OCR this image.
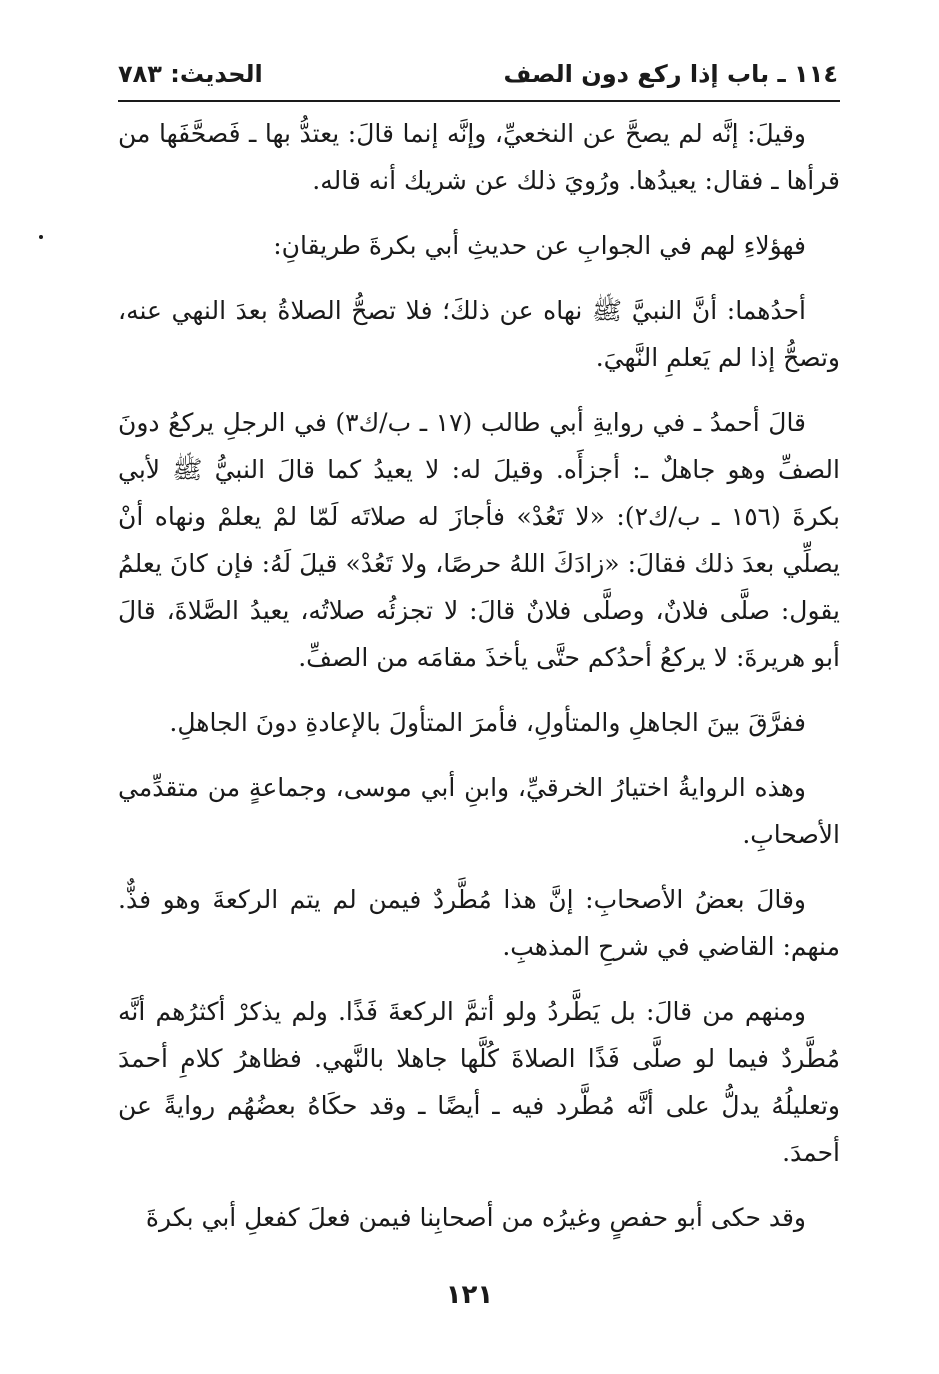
١١٤ ـ باب إذا ركع دون الصف
الحديث: ٧٨٣

وقيلَ: إنَّه لم يصحَّ عن النخعيِّ، وإنَّه إنما قالَ: يعتدُّ بها ـ فَصحَّفَها من قرأها ـ فقال: يعيدُها. ورُويَ ذلك عن شريك أنه قاله.

فهؤلاءِ لهم في الجوابِ عن حديثِ أبي بكرةَ طريقانِ:

أحدُهما: أنَّ النبيَّ ﷺ نهاه عن ذلكَ؛ فلا تصحُّ الصلاةُ بعدَ النهي عنه، وتصحُّ إذا لم يَعلمِ النَّهيَ.

قالَ أحمدُ ـ في روايةِ أبي طالب (١٧ ـ ب/ك٣) في الرجلِ يركعُ دونَ الصفِّ وهو جاهلٌ ـ: أجزأَه. وقيلَ له: لا يعيدُ كما قالَ النبيُّ ﷺ لأبي بكرةَ (١٥٦ ـ ب/ك٢): «لا تَعُدْ» فأجازَ له صلاتَه لَمّا لمْ يعلمْ ونهاه أنْ يصلِّي بعدَ ذلك فقالَ: «زادَكَ اللهُ حرصًا، ولا تَعُدْ» قيلَ لَهُ: فإن كانَ يعلمُ يقول: صلَّى فلانٌ، وصلَّى فلانٌ قالَ: لا تجزئُه صلاتُه، يعيدُ الصَّلاةَ، قالَ أبو هريرةَ: لا يركعُ أحدُكم حتَّى يأخذَ مقامَه من الصفِّ.

ففرَّقَ بينَ الجاهلِ والمتأولِ، فأمرَ المتأولَ بالإعادةِ دونَ الجاهلِ.

وهذه الروايةُ اختيارُ الخرقيِّ، وابنِ أبي موسى، وجماعةٍ من متقدِّمي الأصحابِ.

وقالَ بعضُ الأصحابِ: إنَّ هذا مُطَّردٌ فيمن لم يتم الركعةَ وهو فذٌّ. منهم: القاضي في شرحِ المذهبِ.

ومنهم من قالَ: بل يَطَّردُ ولو أتمَّ الركعةَ فَذًا. ولم يذكرْ أكثرُهم أنَّه مُطَّردٌ فيما لو صلَّى فَذًا الصلاةَ كُلَّها جاهلا بالنَّهي. فظاهرُ كلامِ أحمدَ وتعليلُهُ يدلُّ على أنَّه مُطَّرد فيه ـ أيضًا ـ وقد حكَاهُ بعضُهُم روايةً عن أحمدَ.

وقد حكى أبو حفصٍ وغيرُه من أصحابِنا فيمن فعلَ كفعلِ أبي بكرةَ

١٢١
